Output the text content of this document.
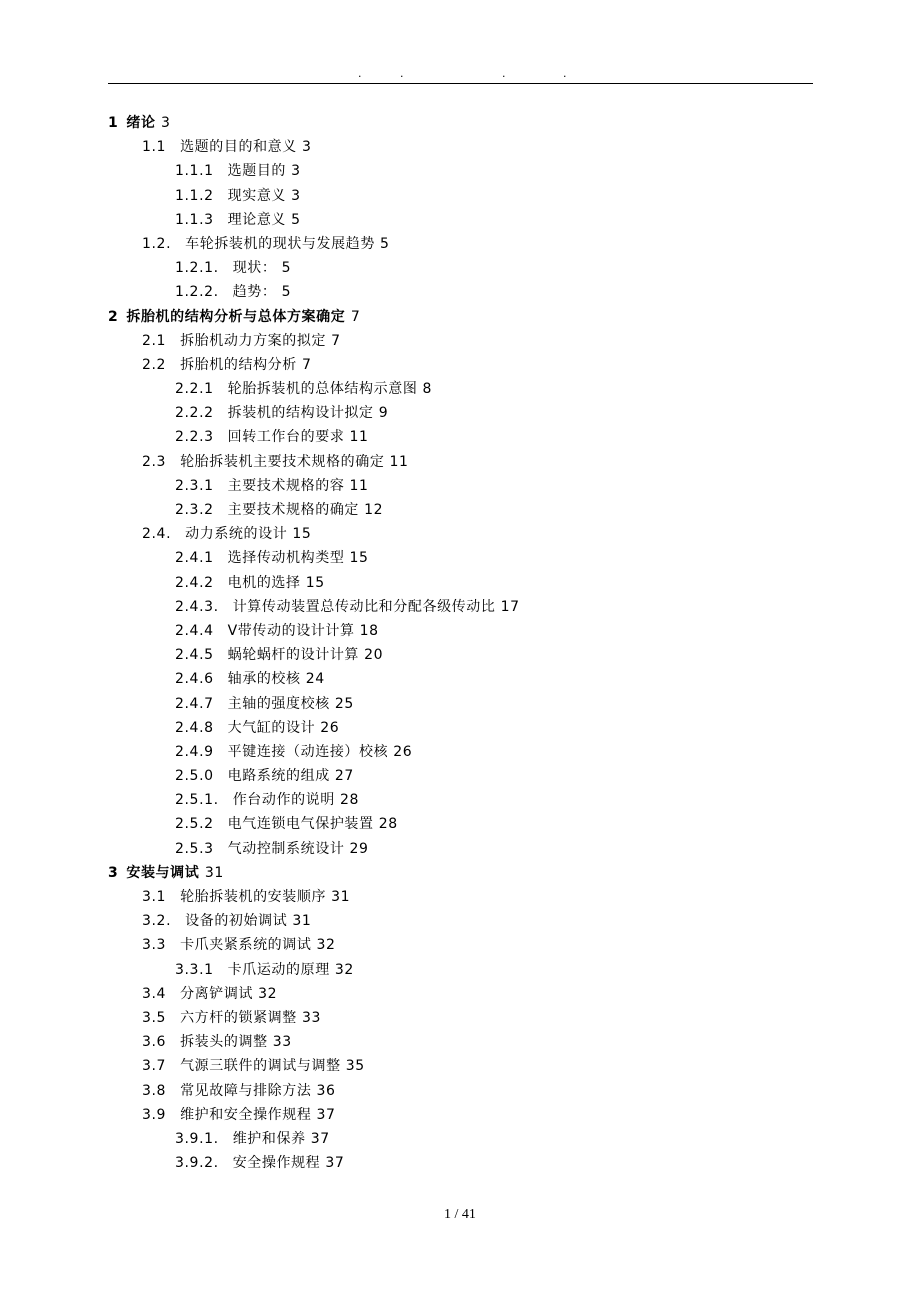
.	.	.	.
1 绪论 3
1.1 选题的目的和意义 3
1.1.1 选题目的 3
1.1.2 现实意义 3
1.1.3 理论意义 5
1.2. 车轮拆装机的现状与发展趋势 5
1.2.1. 现状： 5
1.2.2. 趋势： 5
2 拆胎机的结构分析与总体方案确定 7
2.1 拆胎机动力方案的拟定 7
2.2 拆胎机的结构分析 7
2.2.1 轮胎拆装机的总体结构示意图 8
2.2.2 拆装机的结构设计拟定 9
2.2.3 回转工作台的要求 11
2.3 轮胎拆装机主要技术规格的确定 11
2.3.1 主要技术规格的容 11
2.3.2 主要技术规格的确定 12
2.4. 动力系统的设计 15
2.4.1 选择传动机构类型 15
2.4.2 电机的选择 15
2.4.3. 计算传动装置总传动比和分配各级传动比 17
2.4.4 V带传动的设计计算 18
2.4.5 蜗轮蜗杆的设计计算 20
2.4.6 轴承的校核 24
2.4.7 主轴的强度校核 25
2.4.8 大气缸的设计 26
2.4.9 平键连接（动连接）校核 26
2.5.0 电路系统的组成 27
2.5.1. 作台动作的说明 28
2.5.2 电气连锁电气保护装置 28
2.5.3 气动控制系统设计 29
3 安装与调试 31
3.1 轮胎拆装机的安装顺序 31
3.2. 设备的初始调试 31
3.3 卡爪夹紧系统的调试 32
3.3.1 卡爪运动的原理 32
3.4 分离铲调试 32
3.5 六方杆的锁紧调整 33
3.6 拆装头的调整 33
3.7 气源三联件的调试与调整 35
3.8 常见故障与排除方法 36
3.9 维护和安全操作规程 37
3.9.1. 维护和保养 37
3.9.2. 安全操作规程 37
1 / 41
